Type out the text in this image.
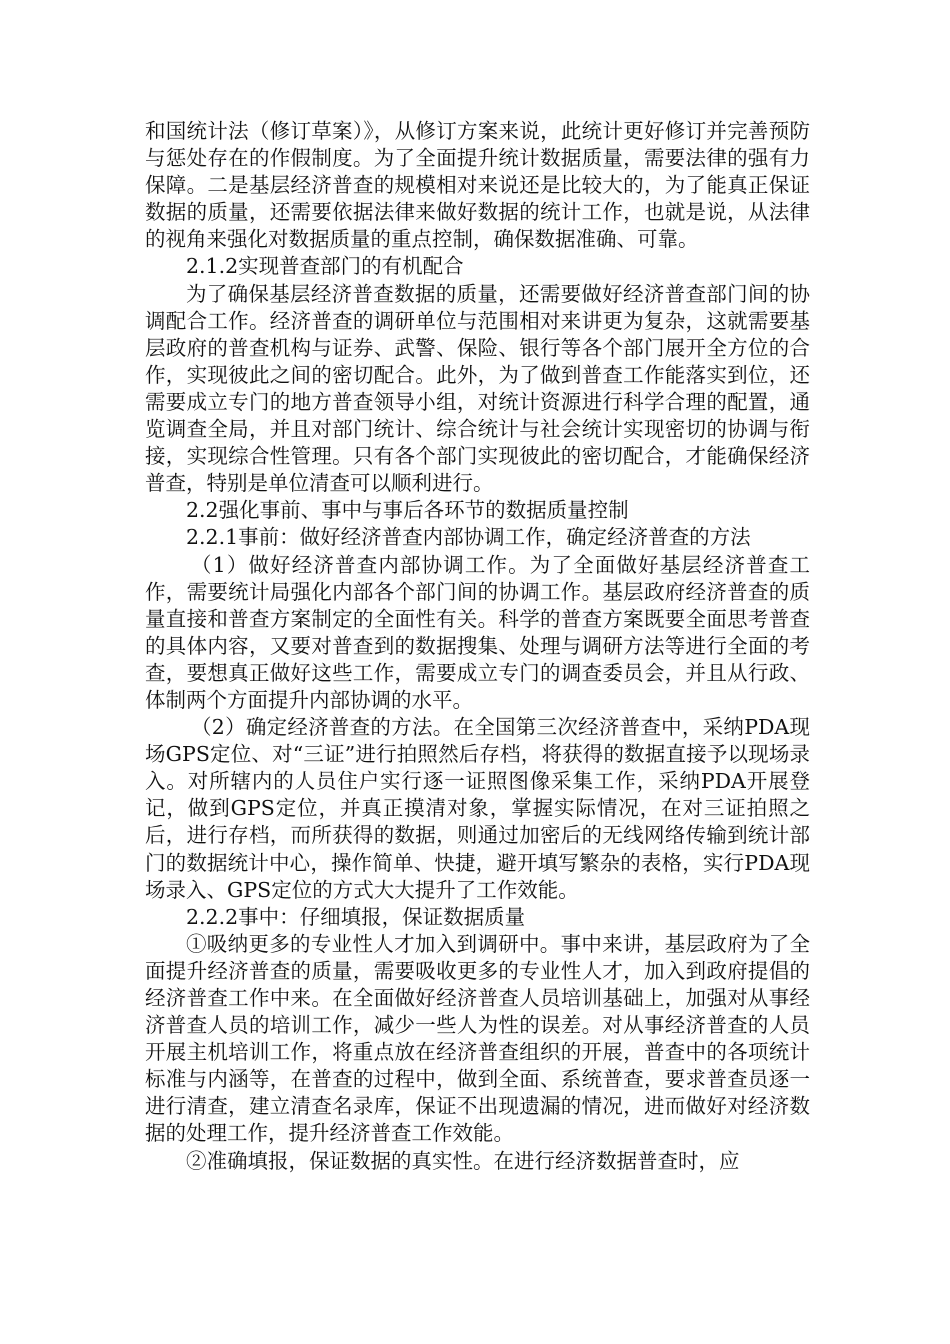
和国统计法（修订草案）》，从修订方案来说，此统计更好修订并完善预防与惩处存在的作假制度。为了全面提升统计数据质量，需要法律的强有力保障。二是基层经济普查的规模相对来说还是比较大的，为了能真正保证数据的质量，还需要依据法律来做好数据的统计工作，也就是说，从法律的视角来强化对数据质量的重点控制，确保数据准确、可靠。

2.1.2实现普查部门的有机配合

为了确保基层经济普查数据的质量，还需要做好经济普查部门间的协调配合工作。经济普查的调研单位与范围相对来讲更为复杂，这就需要基层政府的普查机构与证券、武警、保险、银行等各个部门展开全方位的合作，实现彼此之间的密切配合。此外，为了做到普查工作能落实到位，还需要成立专门的地方普查领导小组，对统计资源进行科学合理的配置，通览调查全局，并且对部门统计、综合统计与社会统计实现密切的协调与衔接，实现综合性管理。只有各个部门实现彼此的密切配合，才能确保经济普查，特别是单位清查可以顺利进行。

2.2强化事前、事中与事后各环节的数据质量控制

2.2.1事前：做好经济普查内部协调工作，确定经济普查的方法

（1）做好经济普查内部协调工作。为了全面做好基层经济普查工作，需要统计局强化内部各个部门间的协调工作。基层政府经济普查的质量直接和普查方案制定的全面性有关。科学的普查方案既要全面思考普查的具体内容，又要对普查到的数据搜集、处理与调研方法等进行全面的考查，要想真正做好这些工作，需要成立专门的调查委员会，并且从行政、体制两个方面提升内部协调的水平。

（2）确定经济普查的方法。在全国第三次经济普查中，采纳PDA现场GPS定位、对“三证”进行拍照然后存档，将获得的数据直接予以现场录入。对所辖内的人员住户实行逐一证照图像采集工作，采纳PDA开展登记，做到GPS定位，并真正摸清对象，掌握实际情况，在对三证拍照之后，进行存档，而所获得的数据，则通过加密后的无线网络传输到统计部门的数据统计中心，操作简单、快捷，避开填写繁杂的表格，实行PDA现场录入、GPS定位的方式大大提升了工作效能。

2.2.2事中：仔细填报，保证数据质量

①吸纳更多的专业性人才加入到调研中。事中来讲，基层政府为了全面提升经济普查的质量，需要吸收更多的专业性人才，加入到政府提倡的经济普查工作中来。在全面做好经济普查人员培训基础上，加强对从事经济普查人员的培训工作，减少一些人为性的误差。对从事经济普查的人员开展主机培训工作，将重点放在经济普查组织的开展，普查中的各项统计标准与内涵等，在普查的过程中，做到全面、系统普查，要求普查员逐一进行清查，建立清查名录库，保证不出现遗漏的情况，进而做好对经济数据的处理工作，提升经济普查工作效能。

②准确填报，保证数据的真实性。在进行经济数据普查时，应
